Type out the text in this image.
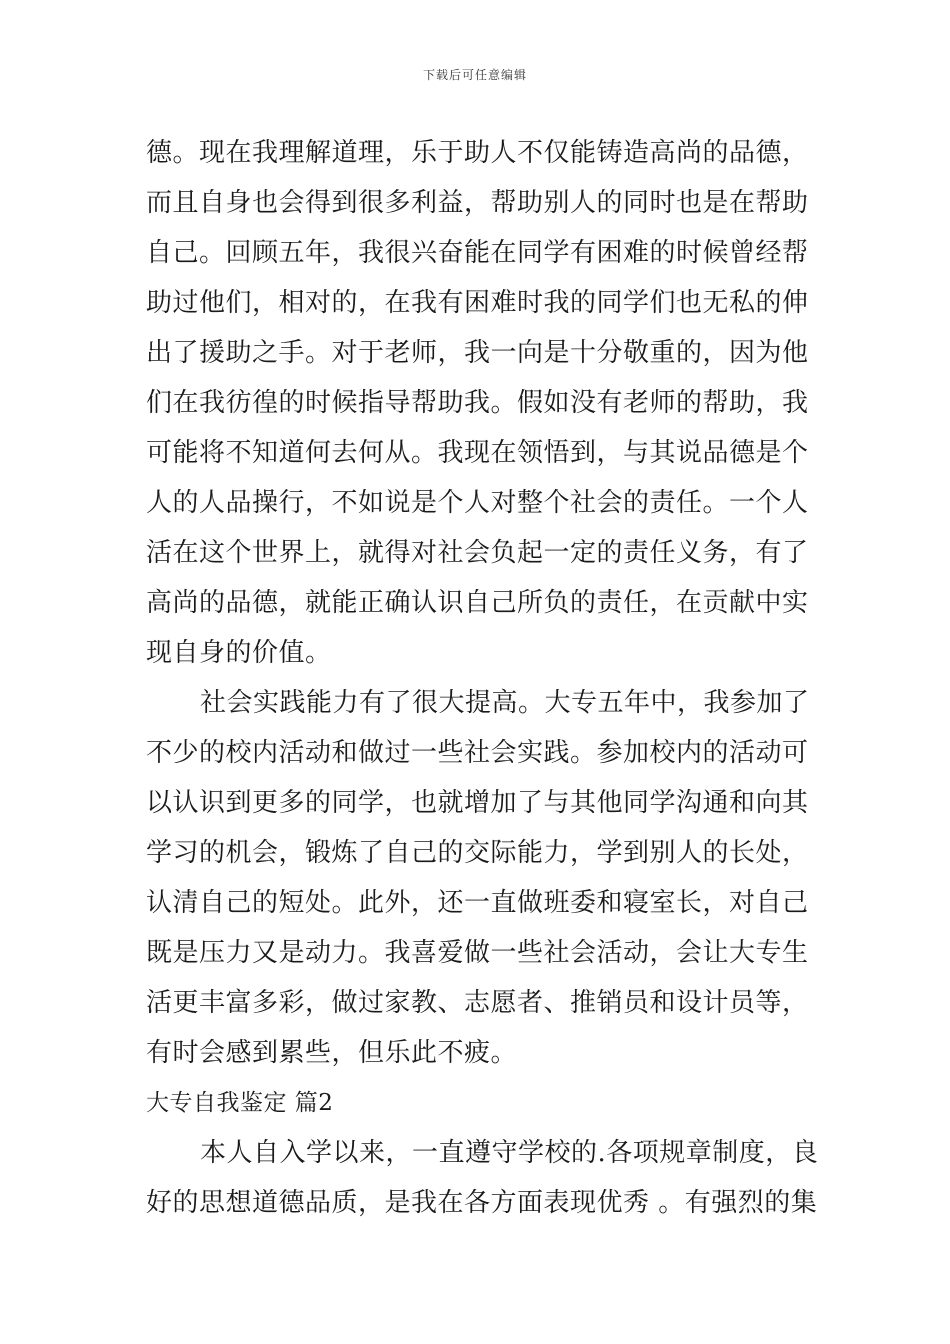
下载后可任意编辑
德。现在我理解道理，乐于助人不仅能铸造高尚的品德，
而且自身也会得到很多利益，帮助别人的同时也是在帮助
自己。回顾五年，我很兴奋能在同学有困难的时候曾经帮
助过他们，相对的，在我有困难时我的同学们也无私的伸
出了援助之手。对于老师，我一向是十分敬重的，因为他
们在我彷徨的时候指导帮助我。假如没有老师的帮助，我
可能将不知道何去何从。我现在领悟到，与其说品德是个
人的人品操行，不如说是个人对整个社会的责任。一个人
活在这个世界上，就得对社会负起一定的责任义务，有了
高尚的品德，就能正确认识自己所负的责任，在贡献中实
现自身的价值。
社会实践能力有了很大提高。大专五年中，我参加了
不少的校内活动和做过一些社会实践。参加校内的活动可
以认识到更多的同学，也就增加了与其他同学沟通和向其
学习的机会，锻炼了自己的交际能力，学到别人的长处，
认清自己的短处。此外，还一直做班委和寝室长，对自己
既是压力又是动力。我喜爱做一些社会活动，会让大专生
活更丰富多彩，做过家教、志愿者、推销员和设计员等，
有时会感到累些，但乐此不疲。
大专自我鉴定 篇2
本人自入学以来，一直遵守学校的.各项规章制度，良
好的思想道德品质，是我在各方面表现优秀 。有强烈的集
